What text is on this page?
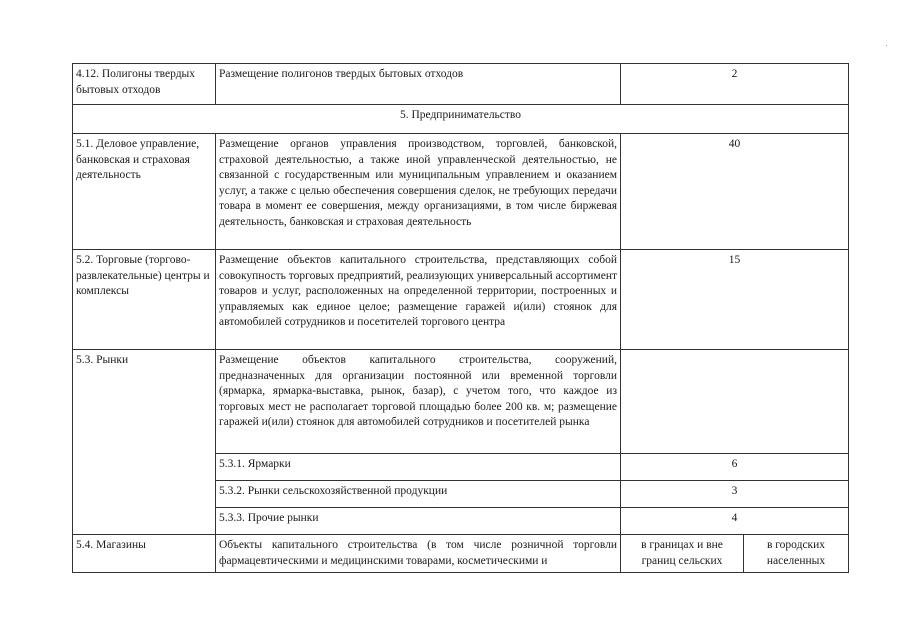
4.12. Полигоны твердых бытовых отходов	Размещение полигонов твердых бытовых отходов	2	
5. Предпринимательство			
5.1. Деловое управление, банковская и страховая деятельность	Размещение органов управления производством, торговлей, банковской, страховой деятельностью, а также иной управленческой деятельностью, не связанной с государственным или муниципальным управлением и оказанием услуг, а также с целью обеспечения совершения сделок, не требующих передачи товара в момент ее совершения, между организациями, в том числе биржевая деятельность, банковская и страховая деятельность	40	
5.2. Торговые (торгово-развлекательные) центры и комплексы	Размещение объектов капитального строительства, представляющих собой совокупность торговых предприятий, реализующих универсальный ассортимент товаров и услуг, расположенных на определенной территории, построенных и управляемых как единое целое; размещение гаражей и(или) стоянок для автомобилей сотрудников и посетителей торгового центра	15	
5.3. Рынки	Размещение объектов капитального строительства, сооружений, предназначенных для организации постоянной или временной торговли (ярмарка, ярмарка-выставка, рынок, базар), с учетом того, что каждое из торговых мест не располагает торговой площадью более 200 кв. м; размещение гаражей и(или) стоянок для автомобилей сотрудников и посетителей рынка		
	5.3.1. Ярмарки	6	
	5.3.2. Рынки сельскохозяйственной продукции	3	
	5.3.3. Прочие рынки	4	
5.4. Магазины	Объекты капитального строительства (в том числе розничной торговли фармацевтическими и медицинскими товарами, косметическими и	в границах и вне границ сельских	в городских населенных
